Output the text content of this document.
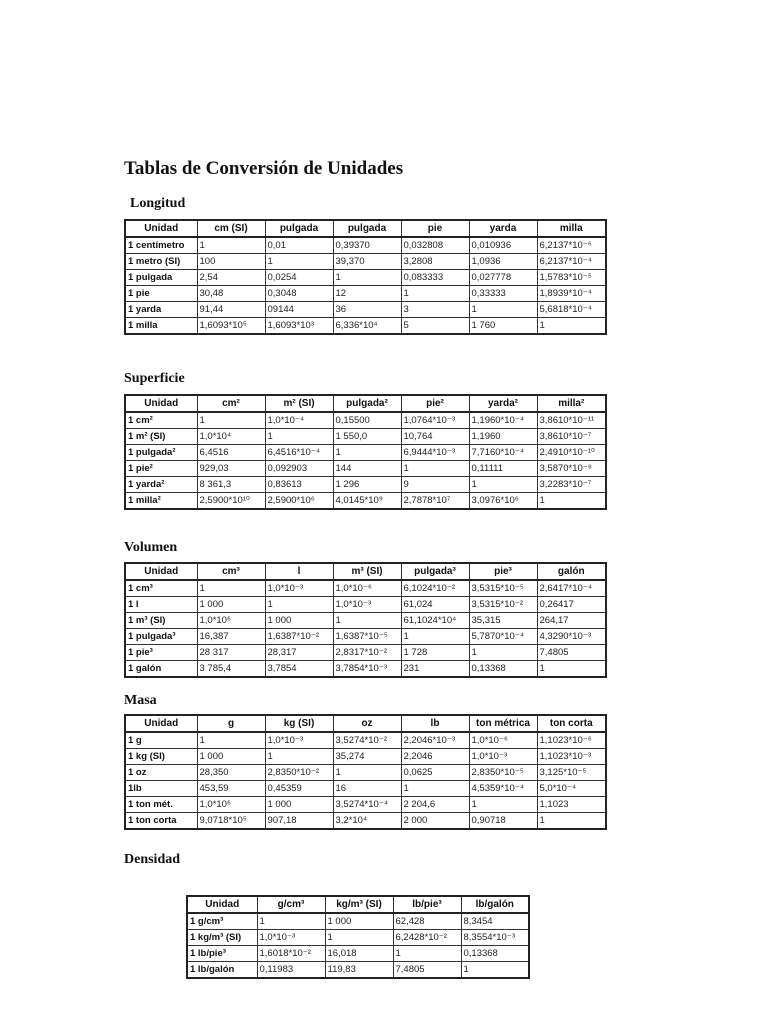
Tablas de Conversión de Unidades
Longitud
Unidad	cm (SI)	pulgada	pulgada	pie	yarda	milla
1 centímetro	1	0,01	0,39370	0,032808	0,010936	6,2137*10⁻⁶
1 metro (SI)	100	1	39,370	3,2808	1,0936	6,2137*10⁻⁴
1 pulgada	2,54	0,0254	1	0,083333	0,027778	1,5783*10⁻⁵
1 pie	30,48	0,3048	12	1	0,33333	1,8939*10⁻⁴
1 yarda	91,44	09144	36	3	1	5,6818*10⁻⁴
1 milla	1,6093*10⁵	1,6093*10³	6,336*10⁴	5	1 760	1
Superficie
Unidad	cm²	m² (SI)	pulgada²	pie²	yarda²	milla²
1 cm²	1	1,0*10⁻⁴	0,15500	1,0764*10⁻³	1,1960*10⁻⁴	3,8610*10⁻¹¹
1 m² (SI)	1,0*10⁴	1	1 550,0	10,764	1,1960	3,8610*10⁻⁷
1 pulgada²	6,4516	6,4516*10⁻⁴	1	6,9444*10⁻³	7,7160*10⁻⁴	2,4910*10⁻¹⁰
1 pie²	929,03	0,092903	144	1	0,11111	3,5870*10⁻⁸
1 yarda²	8 361,3	0,83613	1 296	9	1	3,2283*10⁻⁷
1 milla²	2,5900*10¹⁰	2,5900*10⁶	4,0145*10⁹	2,7878*10⁷	3,0976*10⁶	1
Volumen
Unidad	cm³	l	m³ (SI)	pulgada³	pie³	galón
1 cm³	1	1,0*10⁻³	1,0*10⁻⁶	6,1024*10⁻²	3,5315*10⁻⁵	2,6417*10⁻⁴
1 l	1 000	1	1,0*10⁻³	61,024	3,5315*10⁻²	0,26417
1 m³ (SI)	1,0*10⁶	1 000	1	61,1024*10⁴	35,315	264,17
1 pulgada³	16,387	1,6387*10⁻²	1,6387*10⁻⁵	1	5,7870*10⁻⁴	4,3290*10⁻³
1 pie³	28 317	28,317	2,8317*10⁻²	1 728	1	7,4805
1 galón	3 785,4	3,7854	3,7854*10⁻³	231	0,13368	1
Masa
Unidad	g	kg (SI)	oz	lb	ton métrica	ton corta
1 g	1	1,0*10⁻³	3,5274*10⁻²	2,2046*10⁻³	1,0*10⁻⁶	1,1023*10⁻⁶
1 kg (SI)	1 000	1	35,274	2,2046	1,0*10⁻³	1,1023*10⁻³
1 oz	28,350	2,8350*10⁻²	1	0,0625	2,8350*10⁻⁵	3,125*10⁻⁵
1lb	453,59	0,45359	16	1	4,5359*10⁻⁴	5,0*10⁻⁴
1 ton mét.	1,0*10⁶	1 000	3,5274*10⁻⁴	2 204,6	1	1,1023
1 ton corta	9,0718*10⁵	907,18	3,2*10⁴	2 000	0,90718	1
Densidad
Unidad	g/cm³	kg/m³ (SI)	lb/pie³	lb/galón
1 g/cm³	1	1 000	62,428	8,3454
1 kg/m³ (SI)	1,0*10⁻³	1	6,2428*10⁻²	8,3554*10⁻³
1 lb/pie³	1,6018*10⁻²	16,018	1	0,13368
1 lb/galón	0,11983	119,83	7,4805	1
